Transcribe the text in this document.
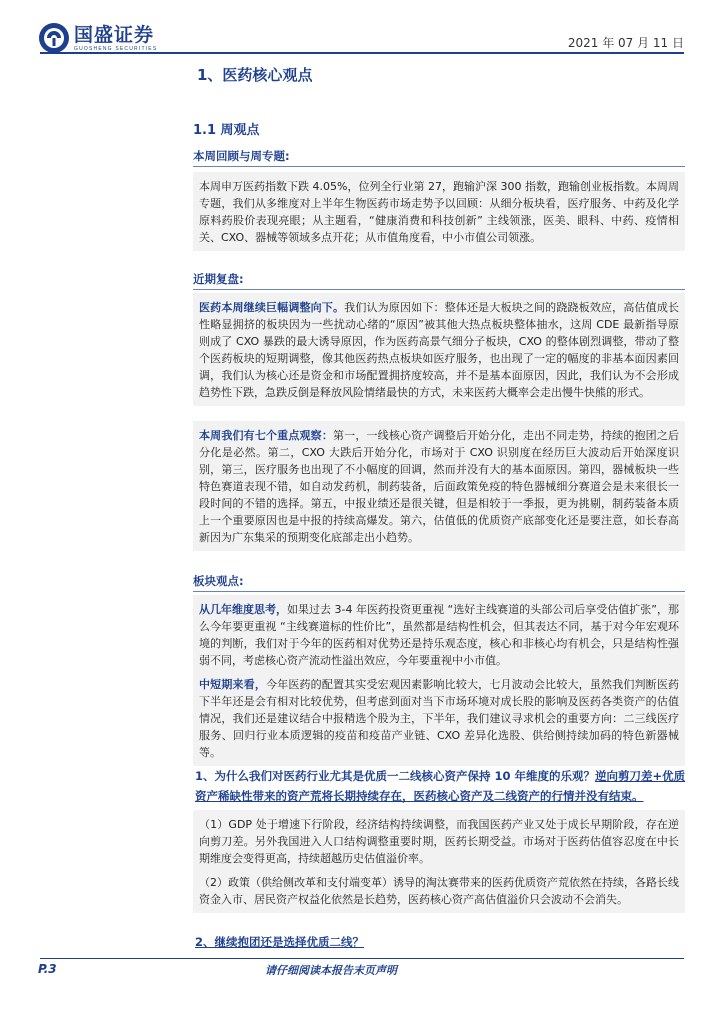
国盛证券
GUOSHENG SECURITIES	2021 年 07 月 11 日
1、医药核心观点
1.1 周观点
本周回顾与周专题:

本周申万医药指数下跌 4.05%，位列全行业第 27，跑输沪深 300 指数，跑输创业板指数。本周周专题，我们从多维度对上半年生物医药市场走势予以回顾：从细分板块看，医疗服务、中药及化学原料药股价表现亮眼；从主题看，“健康消费和科技创新” 主线领涨，医美、眼科、中药、疫情相关、CXO、器械等领域多点开花；从市值角度看，中小市值公司领涨。

近期复盘:

医药本周继续巨幅调整向下。我们认为原因如下：整体还是大板块之间的跷跷板效应，高估值成长性略显拥挤的板块因为一些扰动心绪的“原因”被其他大热点板块整体抽水，这周 CDE 最新指导原则成了 CXO 暴跌的最大诱导原因，作为医药高景气细分子板块，CXO 的整体剧烈调整，带动了整个医药板块的短期调整，像其他医药热点板块如医疗服务，也出现了一定的幅度的非基本面因素回调，我们认为核心还是资金和市场配置拥挤度较高，并不是基本面原因，因此，我们认为不会形成趋势性下跌，急跌反倒是释放风险情绪最快的方式，未来医药大概率会走出慢牛快熊的形式。

本周我们有七个重点观察：第一，一线核心资产调整后开始分化，走出不同走势，持续的抱团之后分化是必然。第二，CXO 大跌后开始分化，市场对于 CXO 识别度在经历巨大波动后开始深度识别，第三，医疗服务也出现了不小幅度的回调，然而并没有大的基本面原因。第四，器械板块一些特色赛道表现不错，如自动发药机，制药装备，后面政策免疫的特色器械细分赛道会是未来很长一段时间的不错的选择。第五，中报业绩还是很关键，但是相较于一季报，更为挑剔，制药装备本质上一个重要原因也是中报的持续高爆发。第六，估值低的优质资产底部变化还是要注意，如长春高新因为广东集采的预期变化底部走出小趋势。

板块观点:

从几年维度思考，如果过去 3-4 年医药投资更重视 “选好主线赛道的头部公司后享受估值扩张”，那么今年要更重视 “主线赛道标的性价比”，虽然都是结构性机会，但其表达不同，基于对今年宏观环境的判断，我们对于今年的医药相对优势还是持乐观态度，核心和非核心均有机会，只是结构性强弱不同，考虑核心资产流动性溢出效应，今年要重视中小市值。

中短期来看，今年医药的配置其实受宏观因素影响比较大，七月波动会比较大，虽然我们判断医药下半年还是会有相对比较优势，但考虑到面对当下市场环境对成长股的影响及医药各类资产的估值情况，我们还是建议结合中报精选个股为主，下半年，我们建议寻求机会的重要方向：二三线医疗服务、回归行业本质逻辑的疫苗和疫苗产业链、CXO 差异化选股、供给侧持续加码的特色新器械等。

1、为什么我们对医药行业尤其是优质一二线核心资产保持 10 年维度的乐观？逆向剪刀差+优质资产稀缺性带来的资产荒将长期持续存在，医药核心资产及二线资产的行情并没有结束。

（1）GDP 处于增速下行阶段，经济结构持续调整，而我国医药产业又处于成长早期阶段，存在逆向剪刀差。另外我国进入人口结构调整重要时期，医药长期受益。市场对于医药估值容忍度在中长期维度会变得更高，持续超越历史估值溢价率。

（2）政策（供给侧改革和支付端变革）诱导的淘汰赛带来的医药优质资产荒依然在持续，各路长线资金入市、居民资产权益化依然是长趋势，医药核心资产高估值溢价只会波动不会消失。

2、继续抱团还是选择优质二线？
P.3	请仔细阅读本报告末页声明
